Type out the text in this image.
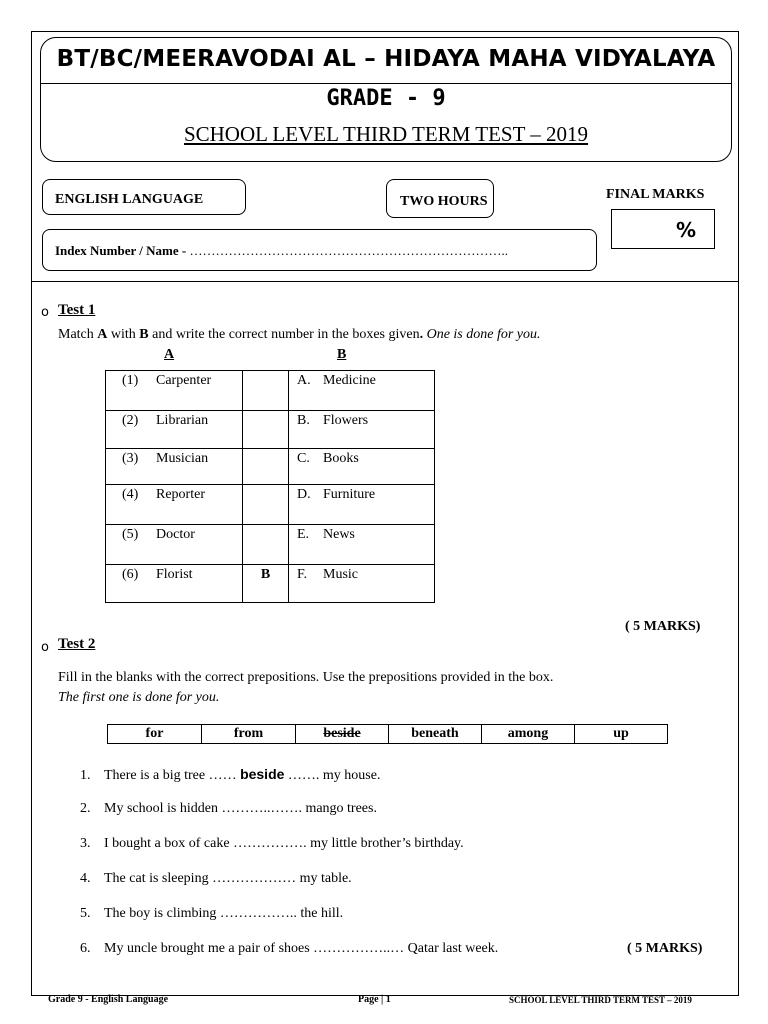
BT/BC/MEERAVODAI AL – HIDAYA MAHA VIDYALAYA
GRADE - 9
SCHOOL LEVEL THIRD TERM TEST – 2019
ENGLISH LANGUAGE	TWO HOURS	FINAL MARKS
%
Index Number / Name - ………………………………………………………………..
o Test 1
Match A with B and write the correct number in the boxes given. One is done for you.
A	B
(1) Carpenter		A. Medicine
(2) Librarian		B. Flowers
(3) Musician		C. Books
(4) Reporter		D. Furniture
(5) Doctor		E. News
(6) Florist	B	F. Music
( 5 MARKS)
o Test 2
Fill in the blanks with the correct prepositions. Use the prepositions provided in the box.
The first one is done for you.
for	from	beside	beneath	among	up
1. There is a big tree …… beside ……. my house.
2. My school is hidden ………..……. mango trees.
3. I bought a box of cake ……………. my little brother’s birthday.
4. The cat is sleeping ……………… my table.
5. The boy is climbing …………….. the hill.
6. My uncle brought me a pair of shoes ……………..… Qatar last week.	( 5 MARKS)
Grade 9 - English Language	Page | 1	SCHOOL LEVEL THIRD TERM TEST – 2019
